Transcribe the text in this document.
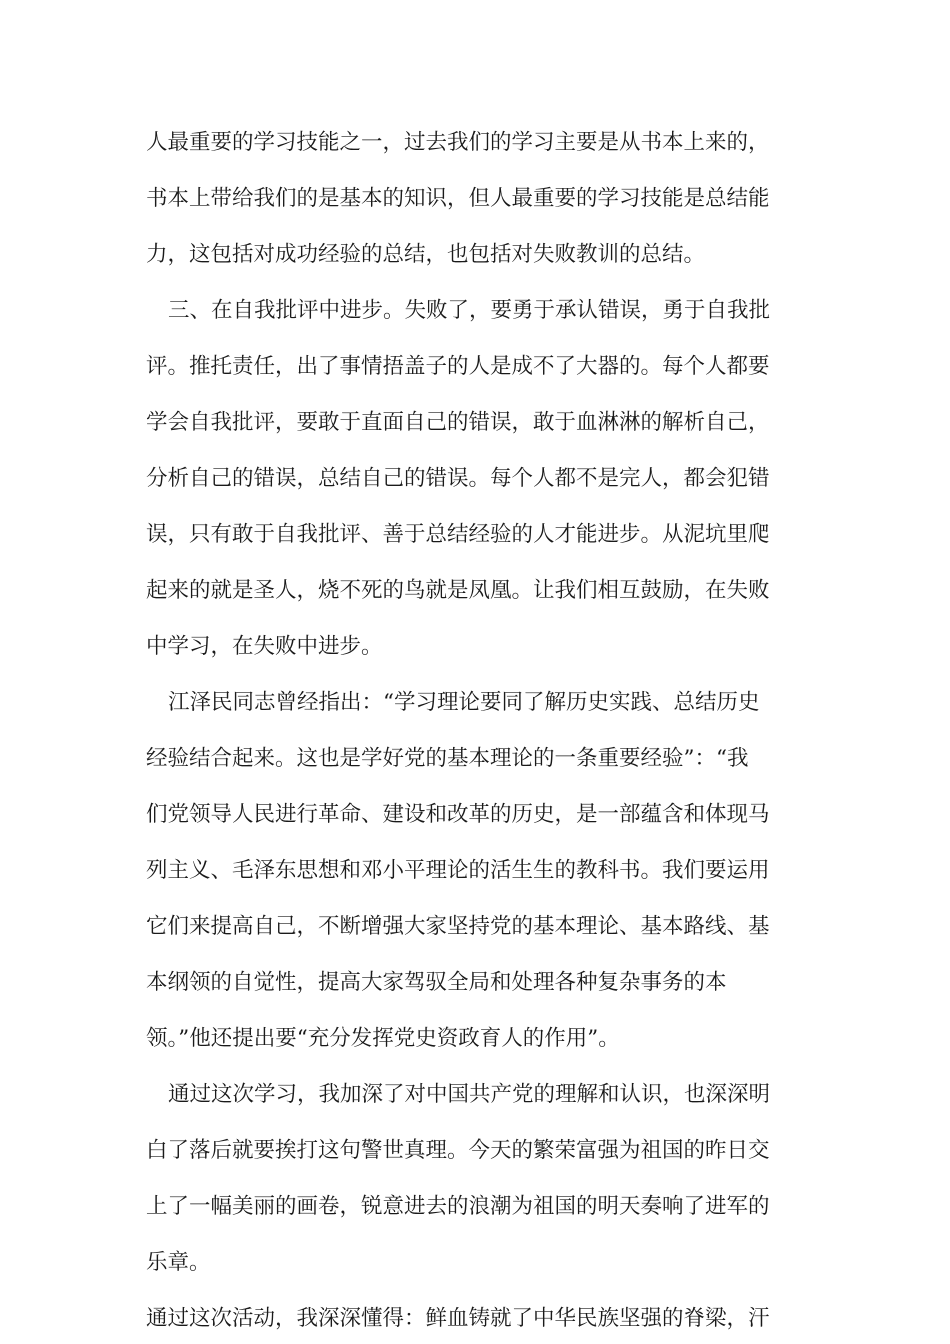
人最重要的学习技能之一，过去我们的学习主要是从书本上来的，
书本上带给我们的是基本的知识，但人最重要的学习技能是总结能
力，这包括对成功经验的总结，也包括对失败教训的总结。
三、在自我批评中进步。失败了，要勇于承认错误，勇于自我批
评。推托责任，出了事情捂盖子的人是成不了大器的。每个人都要
学会自我批评，要敢于直面自己的错误，敢于血淋淋的解析自己，
分析自己的错误，总结自己的错误。每个人都不是完人，都会犯错
误，只有敢于自我批评、善于总结经验的人才能进步。从泥坑里爬
起来的就是圣人，烧不死的鸟就是凤凰。让我们相互鼓励，在失败
中学习，在失败中进步。
江泽民同志曾经指出：“学习理论要同了解历史实践、总结历史
经验结合起来。这也是学好党的基本理论的一条重要经验”：“我
们党领导人民进行革命、建设和改革的历史，是一部蕴含和体现马
列主义、毛泽东思想和邓小平理论的活生生的教科书。我们要运用
它们来提高自己，不断增强大家坚持党的基本理论、基本路线、基
本纲领的自觉性，提高大家驾驭全局和处理各种复杂事务的本
领。”他还提出要“充分发挥党史资政育人的作用”。
通过这次学习，我加深了对中国共产党的理解和认识，也深深明
白了落后就要挨打这句警世真理。今天的繁荣富强为祖国的昨日交
上了一幅美丽的画卷，锐意进去的浪潮为祖国的明天奏响了进军的
乐章。
通过这次活动，我深深懂得：鲜血铸就了中华民族坚强的脊梁，汗
